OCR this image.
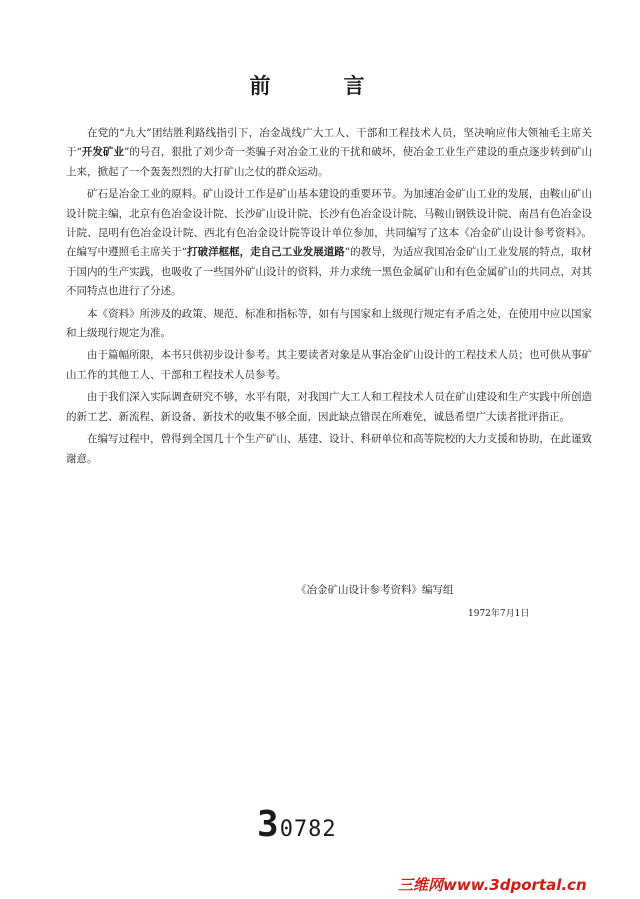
前　言

在党的“九大”团结胜利路线指引下，冶金战线广大工人、干部和工程技术人员，坚决响应伟大领袖毛主席关于“开发矿业”的号召，狠批了刘少奇一类骗子对冶金工业的干扰和破坏，使冶金工业生产建设的重点逐步转到矿山上来，掀起了一个轰轰烈烈的大打矿山之仗的群众运动。

矿石是冶金工业的原料。矿山设计工作是矿山基本建设的重要环节。为加速冶金矿山工业的发展，由鞍山矿山设计院主编，北京有色冶金设计院、长沙矿山设计院、长沙有色冶金设计院、马鞍山钢铁设计院、南昌有色冶金设计院、昆明有色冶金设计院、西北有色冶金设计院等设计单位参加，共同编写了这本《冶金矿山设计参考资料》。在编写中遵照毛主席关于“打破洋框框，走自己工业发展道路”的教导，为适应我国冶金矿山工业发展的特点，取材于国内的生产实践，也吸收了一些国外矿山设计的资料，并力求统一黑色金属矿山和有色金属矿山的共同点，对其不同特点也进行了分述。

本《资料》所涉及的政策、规范、标准和指标等，如有与国家和上级现行规定有矛盾之处，在使用中应以国家和上级现行规定为准。

由于篇幅所限，本书只供初步设计参考。其主要读者对象是从事冶金矿山设计的工程技术人员；也可供从事矿山工作的其他工人、干部和工程技术人员参考。

由于我们深入实际调查研究不够，水平有限，对我国广大工人和工程技术人员在矿山建设和生产实践中所创造的新工艺、新流程、新设备、新技术的收集不够全面，因此缺点错误在所难免，诚恳希望广大读者批评指正。

在编写过程中，曾得到全国几十个生产矿山、基建、设计、科研单位和高等院校的大力支援和协助，在此谨致谢意。

《冶金矿山设计参考资料》编写组
1972年7月1日
30782
三维网www.3dportal.cn
